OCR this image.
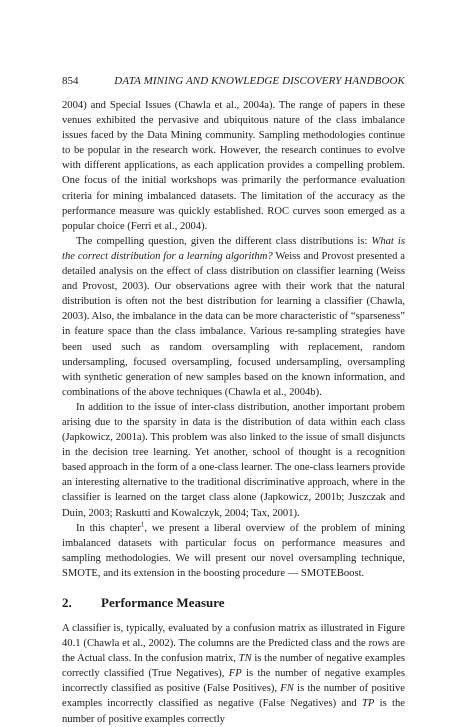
854	DATA MINING AND KNOWLEDGE DISCOVERY HANDBOOK

2004) and Special Issues (Chawla et al., 2004a). The range of papers in these venues exhibited the pervasive and ubiquitous nature of the class imbalance issues faced by the Data Mining community. Sampling methodologies continue to be popular in the research work. However, the research continues to evolve with different applications, as each application provides a compelling problem. One focus of the initial workshops was primarily the performance evaluation criteria for mining imbalanced datasets. The limitation of the accuracy as the performance measure was quickly established. ROC curves soon emerged as a popular choice (Ferri et al., 2004).

The compelling question, given the different class distributions is: What is the correct distribution for a learning algorithm? Weiss and Provost presented a detailed analysis on the effect of class distribution on classifier learning (Weiss and Provost, 2003). Our observations agree with their work that the natural distribution is often not the best distribution for learning a classifier (Chawla, 2003). Also, the imbalance in the data can be more characteristic of “sparseness” in feature space than the class imbalance. Various re-sampling strategies have been used such as random oversampling with replacement, random undersampling, focused oversampling, focused undersampling, oversampling with synthetic generation of new samples based on the known information, and combinations of the above techniques (Chawla et al., 2004b).

In addition to the issue of inter-class distribution, another important probem arising due to the sparsity in data is the distribution of data within each class (Japkowicz, 2001a). This problem was also linked to the issue of small disjuncts in the decision tree learning. Yet another, school of thought is a recognition based approach in the form of a one-class learner. The one-class learners provide an interesting alternative to the traditional discriminative approach, where in the classifier is learned on the target class alone (Japkowicz, 2001b; Juszczak and Duin, 2003; Raskutti and Kowalczyk, 2004; Tax, 2001).

In this chapter$^1$, we present a liberal overview of the problem of mining imbalanced datasets with particular focus on performance measures and sampling methodologies. We will present our novel oversampling technique, SMOTE, and its extension in the boosting procedure — SMOTEBoost.

2.	Performance Measure

A classifier is, typically, evaluated by a confusion matrix as illustrated in Figure 40.1 (Chawla et al., 2002). The columns are the Predicted class and the rows are the Actual class. In the confusion matrix, TN is the number of negative examples correctly classified (True Negatives), FP is the number of negative examples incorrectly classified as positive (False Positives), FN is the number of positive examples incorrectly classified as negative (False Negatives) and TP is the number of positive examples correctly
